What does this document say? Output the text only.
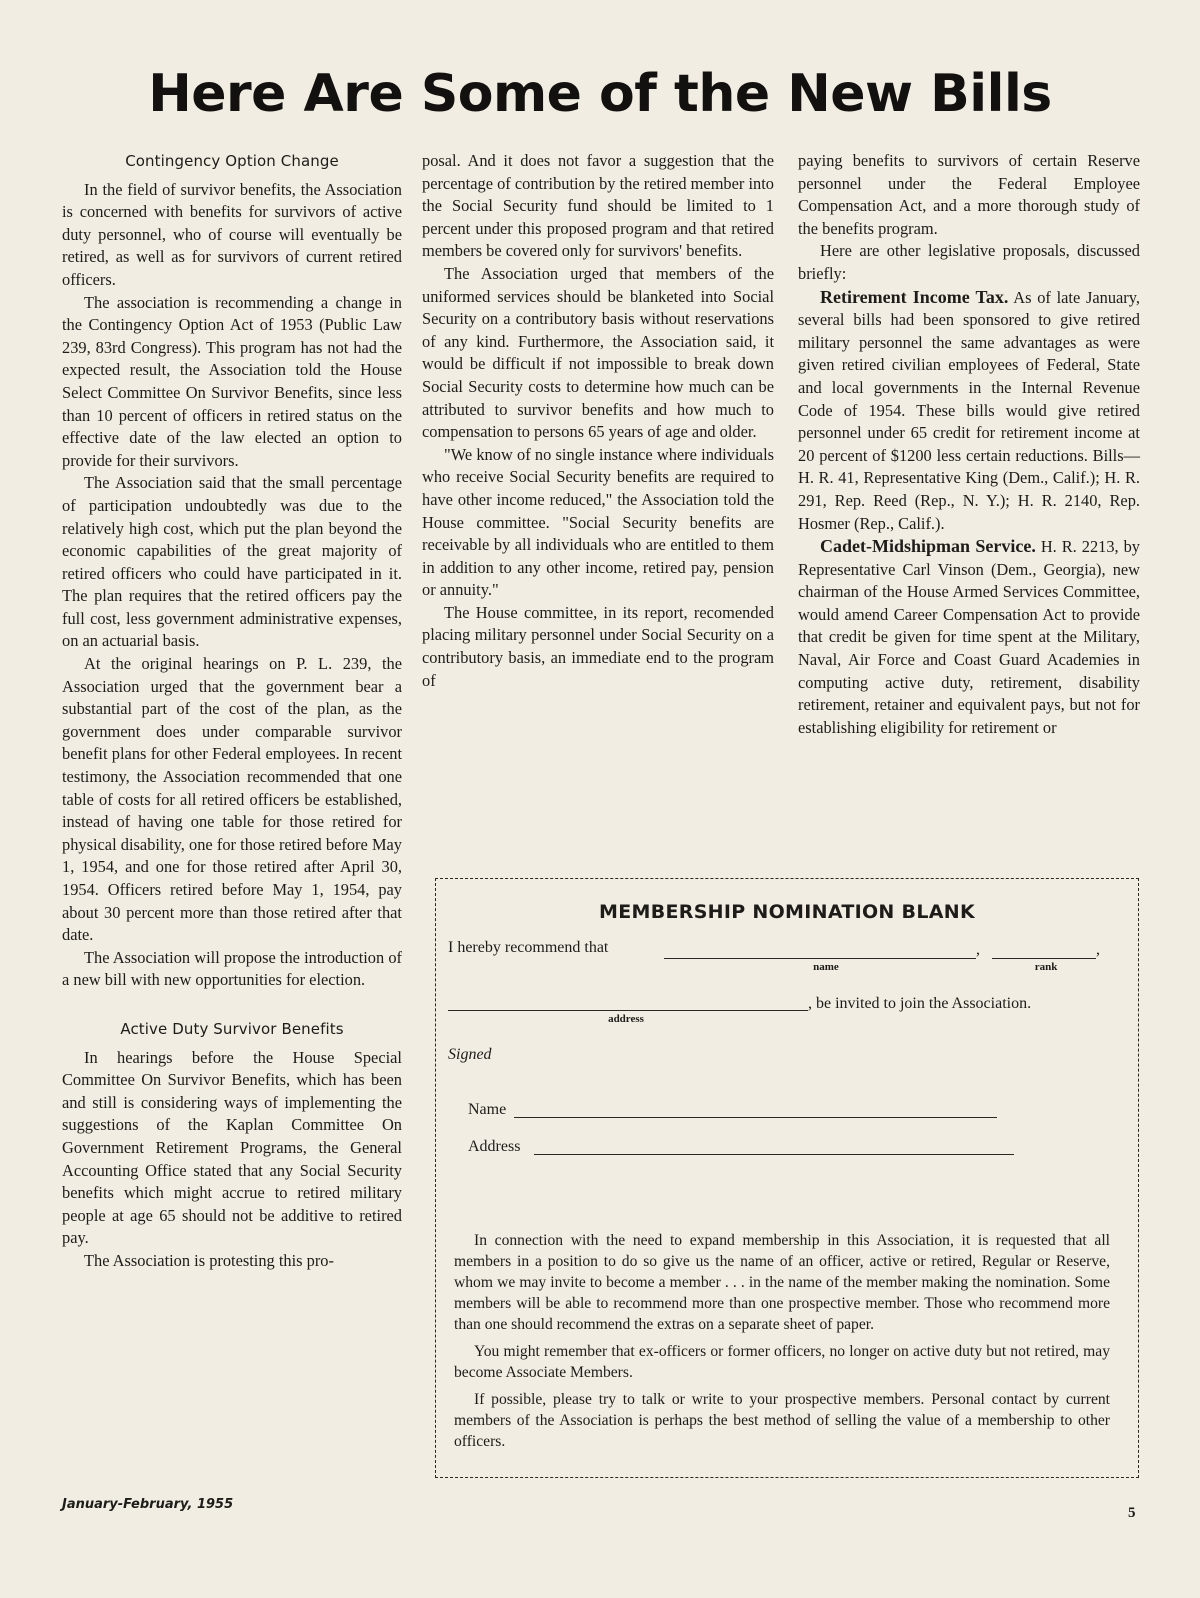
Here Are Some of the New Bills
Contingency Option Change

In the field of survivor benefits, the Association is concerned with benefits for survivors of active duty personnel, who of course will eventually be retired, as well as for survivors of current retired officers.

The association is recommending a change in the Contingency Option Act of 1953 (Public Law 239, 83rd Congress). This program has not had the expected result, the Association told the House Select Committee On Survivor Benefits, since less than 10 percent of officers in retired status on the effective date of the law elected an option to provide for their survivors.

The Association said that the small percentage of participation undoubtedly was due to the relatively high cost, which put the plan beyond the economic capabilities of the great majority of retired officers who could have participated in it. The plan requires that the retired officers pay the full cost, less government administrative expenses, on an actuarial basis.

At the original hearings on P. L. 239, the Association urged that the government bear a substantial part of the cost of the plan, as the government does under comparable survivor benefit plans for other Federal employees. In recent testimony, the Association recommended that one table of costs for all retired officers be established, instead of having one table for those retired for physical disability, one for those retired before May 1, 1954, and one for those retired after April 30, 1954. Officers retired before May 1, 1954, pay about 30 percent more than those retired after that date.

The Association will propose the introduction of a new bill with new opportunities for election.

Active Duty Survivor Benefits

In hearings before the House Special Committee On Survivor Benefits, which has been and still is considering ways of implementing the suggestions of the Kaplan Committee On Government Retirement Programs, the General Accounting Office stated that any Social Security benefits which might accrue to retired military people at age 65 should not be additive to retired pay.

The Association is protesting this pro-

posal. And it does not favor a suggestion that the percentage of contribution by the retired member into the Social Security fund should be limited to 1 percent under this proposed program and that retired members be covered only for survivors' benefits.

The Association urged that members of the uniformed services should be blanketed into Social Security on a contributory basis without reservations of any kind. Furthermore, the Association said, it would be difficult if not impossible to break down Social Security costs to determine how much can be attributed to survivor benefits and how much to compensation to persons 65 years of age and older.

"We know of no single instance where individuals who receive Social Security benefits are required to have other income reduced," the Association told the House committee. "Social Security benefits are receivable by all individuals who are entitled to them in addition to any other income, retired pay, pension or annuity."

The House committee, in its report, recomended placing military personnel under Social Security on a contributory basis, an immediate end to the program of

paying benefits to survivors of certain Reserve personnel under the Federal Employee Compensation Act, and a more thorough study of the benefits program.

Here are other legislative proposals, discussed briefly:

Retirement Income Tax. As of late January, several bills had been sponsored to give retired military personnel the same advantages as were given retired civilian employees of Federal, State and local governments in the Internal Revenue Code of 1954. These bills would give retired personnel under 65 credit for retirement income at 20 percent of $1200 less certain reductions. Bills—H. R. 41, Representative King (Dem., Calif.); H. R. 291, Rep. Reed (Rep., N. Y.); H. R. 2140, Rep. Hosmer (Rep., Calif.).

Cadet-Midshipman Service. H. R. 2213, by Representative Carl Vinson (Dem., Georgia), new chairman of the House Armed Services Committee, would amend Career Compensation Act to provide that credit be given for time spent at the Military, Naval, Air Force and Coast Guard Academies in computing active duty, retirement, disability retirement, retainer and equivalent pays, but not for establishing eligibility for retirement or

MEMBERSHIP NOMINATION BLANK
I hereby recommend that	,	,
name	rank
, be invited to join the Association.
address
Signed
Name
Address

In connection with the need to expand membership in this Association, it is requested that all members in a position to do so give us the name of an officer, active or retired, Regular or Reserve, whom we may invite to become a member . . . in the name of the member making the nomination. Some members will be able to recommend more than one prospective member. Those who recommend more than one should recommend the extras on a separate sheet of paper.

You might remember that ex-officers or former officers, no longer on active duty but not retired, may become Associate Members.

If possible, please try to talk or write to your prospective members. Personal contact by current members of the Association is perhaps the best method of selling the value of a membership to other officers.

January-February, 1955
5
